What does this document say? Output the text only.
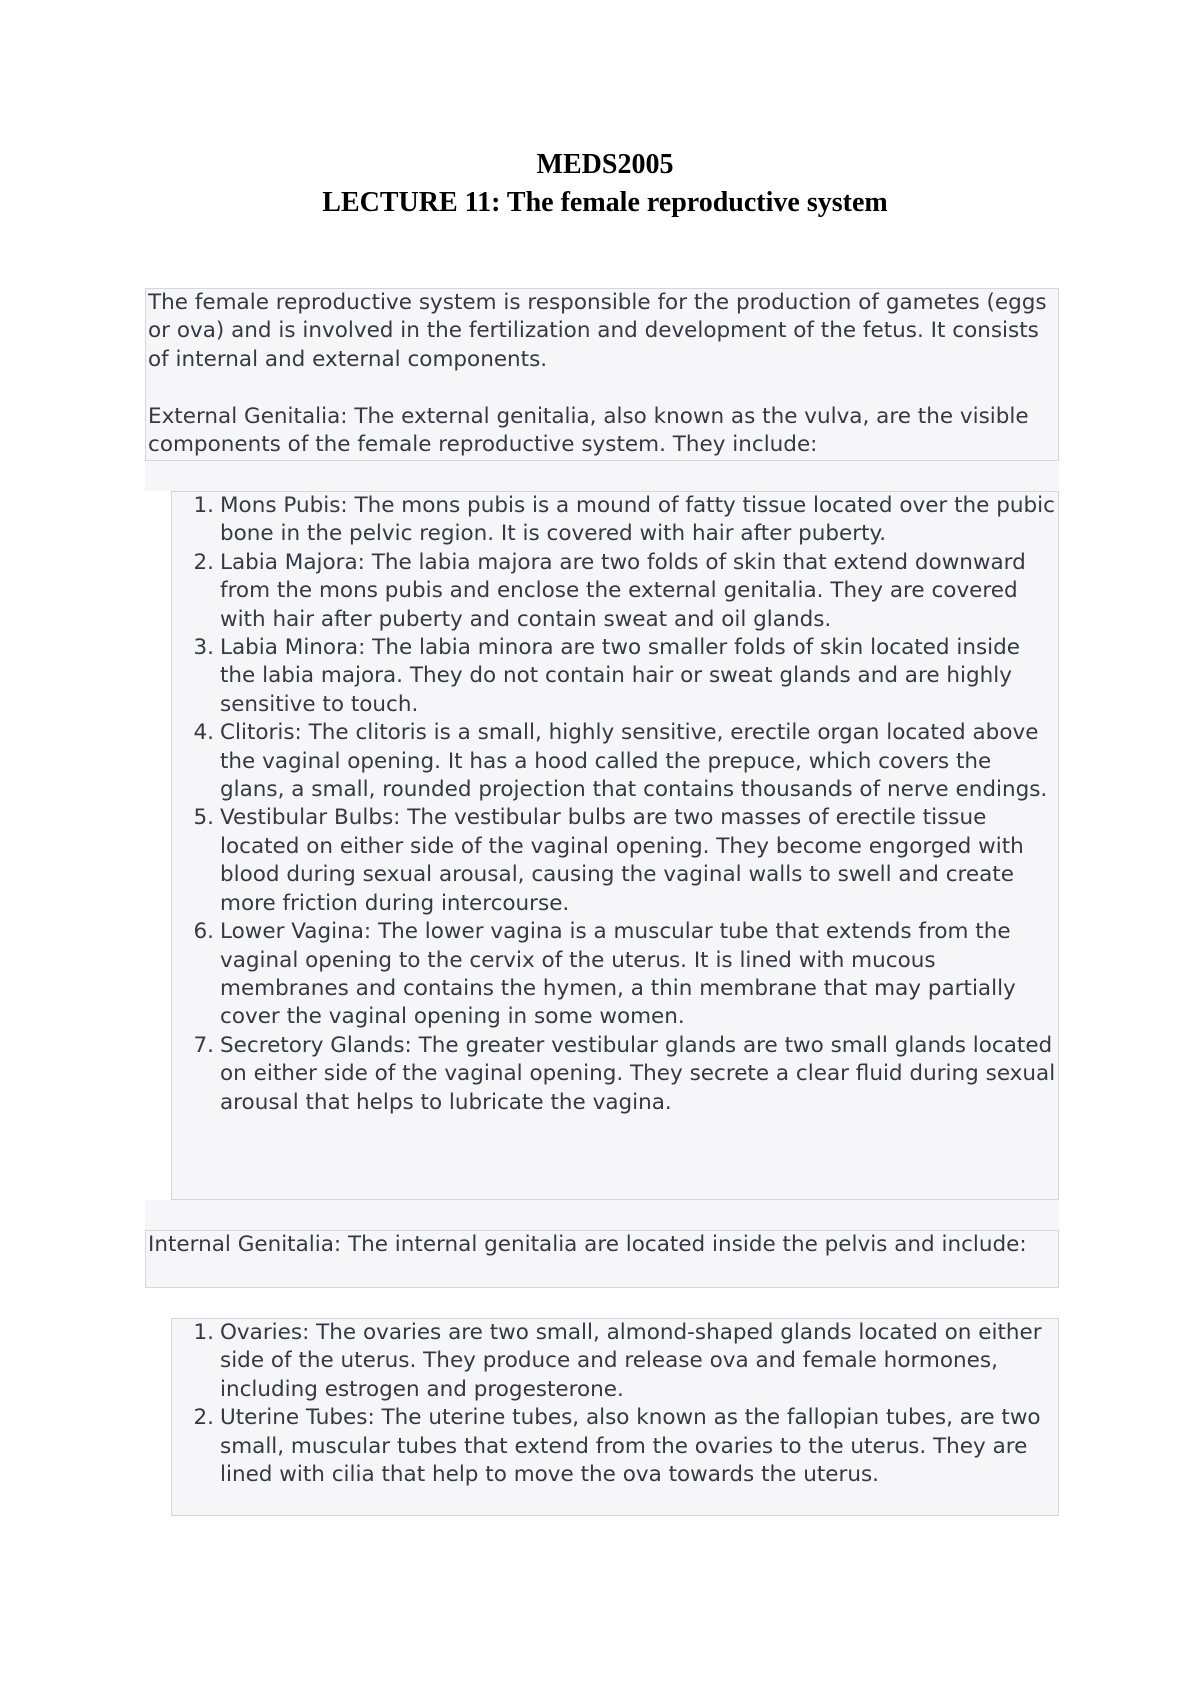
MEDS2005
LECTURE 11: The female reproductive system

The female reproductive system is responsible for the production of gametes (eggs or ova) and is involved in the fertilization and development of the fetus. It consists of internal and external components.

External Genitalia: The external genitalia, also known as the vulva, are the visible components of the female reproductive system. They include:

1. Mons Pubis: The mons pubis is a mound of fatty tissue located over the pubic bone in the pelvic region. It is covered with hair after puberty.
2. Labia Majora: The labia majora are two folds of skin that extend downward from the mons pubis and enclose the external genitalia. They are covered with hair after puberty and contain sweat and oil glands.
3. Labia Minora: The labia minora are two smaller folds of skin located inside the labia majora. They do not contain hair or sweat glands and are highly sensitive to touch.
4. Clitoris: The clitoris is a small, highly sensitive, erectile organ located above the vaginal opening. It has a hood called the prepuce, which covers the glans, a small, rounded projection that contains thousands of nerve endings.
5. Vestibular Bulbs: The vestibular bulbs are two masses of erectile tissue located on either side of the vaginal opening. They become engorged with blood during sexual arousal, causing the vaginal walls to swell and create more friction during intercourse.
6. Lower Vagina: The lower vagina is a muscular tube that extends from the vaginal opening to the cervix of the uterus. It is lined with mucous membranes and contains the hymen, a thin membrane that may partially cover the vaginal opening in some women.
7. Secretory Glands: The greater vestibular glands are two small glands located on either side of the vaginal opening. They secrete a clear fluid during sexual arousal that helps to lubricate the vagina.

Internal Genitalia: The internal genitalia are located inside the pelvis and include:

1. Ovaries: The ovaries are two small, almond-shaped glands located on either side of the uterus. They produce and release ova and female hormones, including estrogen and progesterone.
2. Uterine Tubes: The uterine tubes, also known as the fallopian tubes, are two small, muscular tubes that extend from the ovaries to the uterus. They are lined with cilia that help to move the ova towards the uterus.
